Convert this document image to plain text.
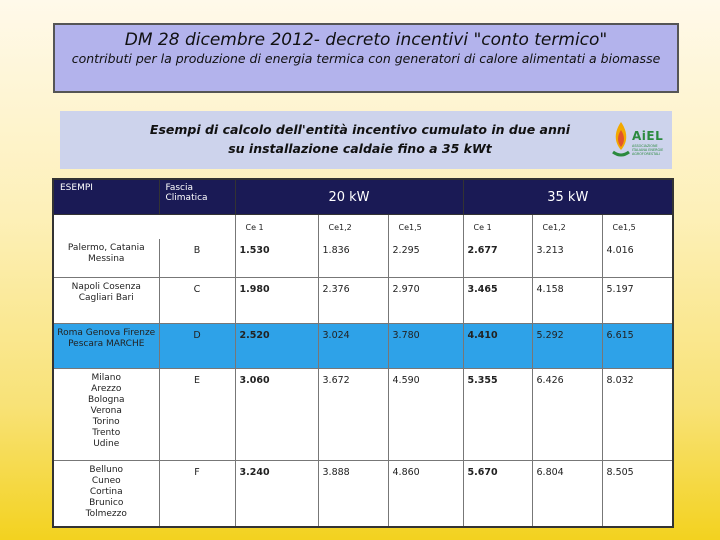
DM 28 dicembre 2012- decreto incentivi "conto termico"
contributi per la produzione di energia termica con generatori di calore alimentati a biomasse
Esempi di calcolo dell'entità incentivo cumulato in due anni
su installazione caldaie fino a 35 kWt
AiEL
ASSOCIAZIONE ITALIANA ENERGIE AGROFORESTALI
ESEMPI	Fascia Climatica	20 kW			35 kW		
		Ce 1	Ce1,2	Ce1,5	Ce 1	Ce1,2	Ce1,5
Palermo, Catania Messina	B	1.530	1.836	2.295	2.677	3.213	4.016
Napoli Cosenza Cagliari Bari	C	1.980	2.376	2.970	3.465	4.158	5.197
Roma Genova Firenze Pescara MARCHE	D	2.520	3.024	3.780	4.410	5.292	6.615
Milano Arezzo Bologna Verona Torino Trento Udine	E	3.060	3.672	4.590	5.355	6.426	8.032
Belluno Cuneo Cortina Brunico Tolmezzo	F	3.240	3.888	4.860	5.670	6.804	8.505
